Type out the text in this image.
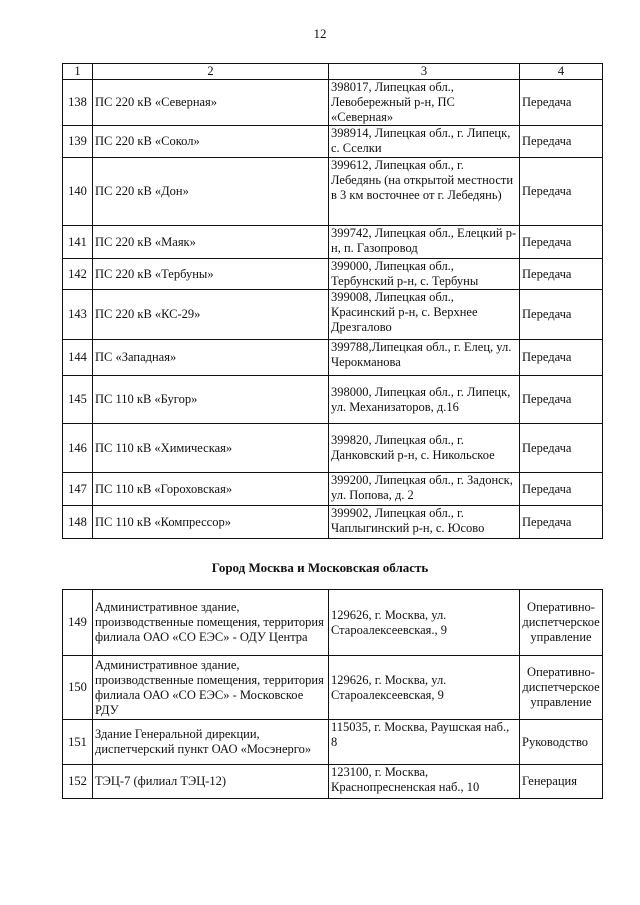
12
1	2	3	4
138	ПС 220 кВ «Северная»	398017, Липецкая обл., Левобережный р-н, ПС «Северная»	Передача
139	ПС 220 кВ «Сокол»	398914, Липецкая обл., г. Липецк, с. Сселки	Передача
140	ПС 220 кВ «Дон»	399612, Липецкая обл., г. Лебедянь (на открытой местности в 3 км восточнее от г. Лебедянь)	Передача
141	ПС 220 кВ «Маяк»	399742, Липецкая обл., Елецкий р-н, п. Газопровод	Передача
142	ПС 220 кВ «Тербуны»	399000, Липецкая обл., Тербунский р-н, с. Тербуны	Передача
143	ПС 220 кВ «КС-29»	399008, Липецкая обл., Красинский р-н, с. Верхнее Дрезгалово	Передача
144	ПС «Западная»	399788,Липецкая обл., г. Елец, ул. Черокманова	Передача
145	ПС 110 кВ «Бугор»	398000, Липецкая обл., г. Липецк, ул. Механизаторов, д.16	Передача
146	ПС 110 кВ «Химическая»	399820, Липецкая обл., г. Данковский р-н, с. Никольское	Передача
147	ПС 110 кВ «Гороховская»	399200, Липецкая обл., г. Задонск, ул. Попова, д. 2	Передача
148	ПС 110 кВ «Компрессор»	399902, Липецкая обл., г. Чаплыгинский р-н, с. Юсово	Передача
Город Москва и Московская область
149	Административное здание, производственные помещения, территория филиала ОАО «СО ЕЭС» - ОДУ Центра	129626, г. Москва, ул. Староалексеевская., 9	Оперативно-диспетчерское управление
150	Административное здание, производственные помещения, территория филиала ОАО «СО ЕЭС» - Московское РДУ	129626, г. Москва, ул. Староалексеевская, 9	Оперативно-диспетчерское управление
151	Здание Генеральной дирекции, диспетчерский пункт ОАО «Мосэнерго»	115035, г. Москва, Раушская наб., 8	Руководство
152	ТЭЦ-7 (филиал ТЭЦ-12)	123100, г. Москва, Краснопресненская наб., 10	Генерация
